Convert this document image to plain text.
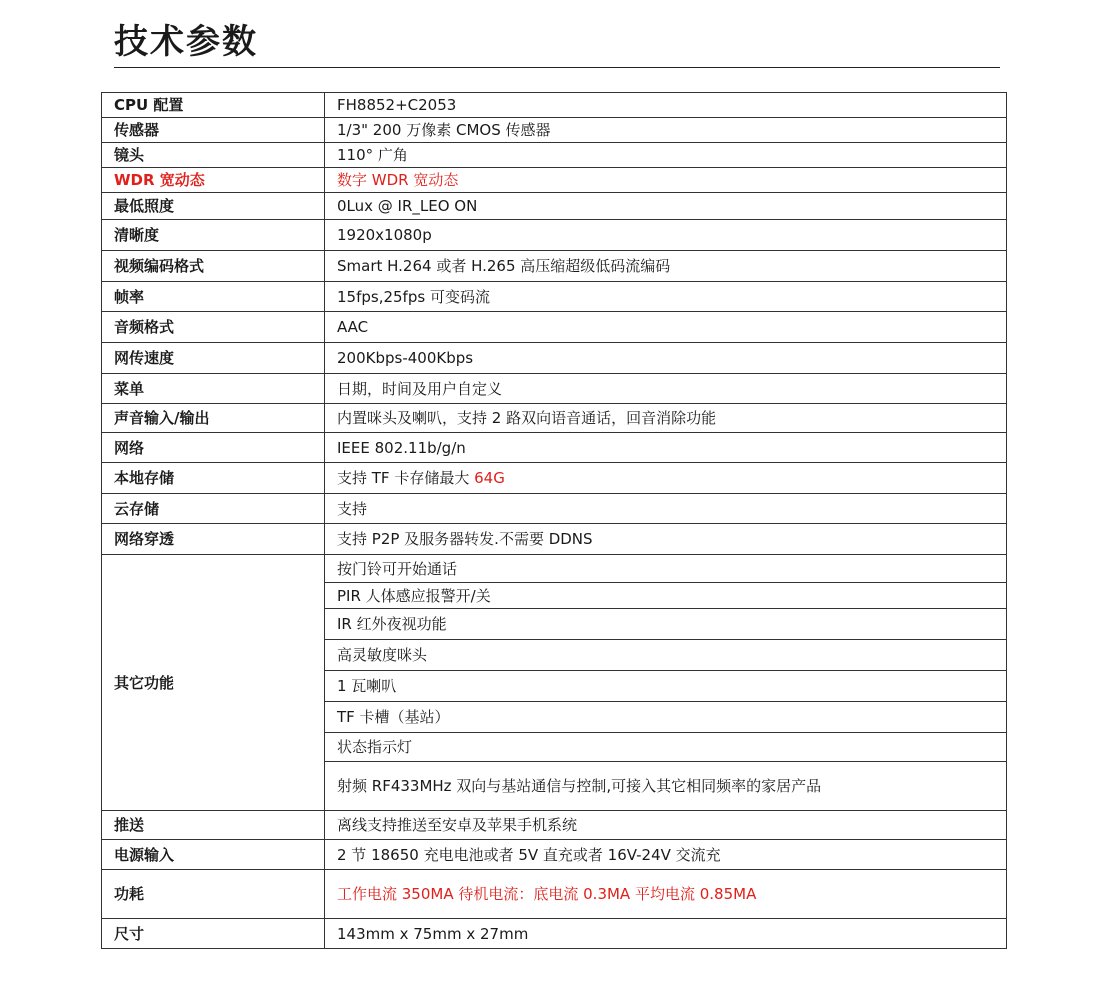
技术参数
CPU 配置	FH8852+C2053
传感器	1/3" 200 万像素 CMOS 传感器
镜头	110° 广角
WDR 宽动态	数字 WDR 宽动态
最低照度	0Lux @ IR_LEO ON
清晰度	1920x1080p
视频编码格式	Smart H.264 或者 H.265 高压缩超级低码流编码
帧率	15fps,25fps 可变码流
音频格式	AAC
网传速度	200Kbps-400Kbps
菜单	日期，时间及用户自定义
声音输入/输出	内置咪头及喇叭，支持 2 路双向语音通话，回音消除功能
网络	IEEE 802.11b/g/n
本地存储	支持 TF 卡存储最大 64G
云存储	支持
网络穿透	支持 P2P 及服务器转发.不需要 DDNS
其它功能	按门铃可开始通话
	PIR 人体感应报警开/关
	IR 红外夜视功能
	高灵敏度咪头
	1 瓦喇叭
	TF 卡槽（基站）
	状态指示灯
	射频 RF433MHz 双向与基站通信与控制,可接入其它相同频率的家居产品
推送	离线支持推送至安卓及苹果手机系统
电源输入	2 节 18650 充电电池或者 5V 直充或者 16V-24V 交流充
功耗	工作电流 350MA 待机电流：底电流 0.3MA 平均电流 0.85MA
尺寸	143mm x 75mm x 27mm
